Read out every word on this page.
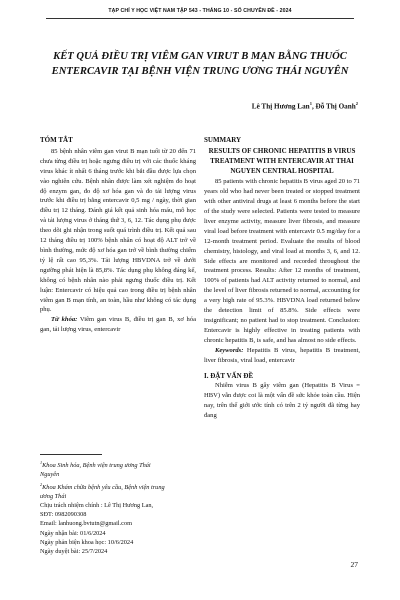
TẠP CHÍ Y HỌC VIỆT NAM TẬP 543 - THÁNG 10 - SỐ CHUYÊN ĐỀ - 2024
KẾT QUẢ ĐIỀU TRỊ VIÊM GAN VIRUT B MẠN BẰNG THUỐC ENTERCAVIR TẠI BỆNH VIỆN TRUNG ƯƠNG THÁI NGUYÊN
Lê Thị Hương Lan$^1$, Đỗ Thị Oanh$^2$
TÓM TẮT

85 bệnh nhân viêm gan virut B mạn tuổi từ 20 đến 71 chưa từng điều trị hoặc ngưng điều trị với các thuốc kháng virus khác ít nhất 6 tháng trước khi bắt đầu được lựa chọn vào nghiên cứu. Bệnh nhân được làm xét nghiệm đo hoạt độ enzym gan, đo độ xơ hóa gan và đo tải lượng virus trước khi điều trị bằng entercavir 0,5 mg / ngày, thời gian điều trị 12 tháng. Đánh giá kết quả sinh hóa máu, mô học và tải lượng virus ở tháng thứ 3, 6, 12. Tác dụng phụ được theo dõi ghi nhận trong suốt quá trình điều trị. Kết quả sau 12 tháng điều trị 100% bệnh nhân có hoạt độ ALT trở về bình thường, mức độ xơ hóa gan trở về bình thường chiếm tỷ lệ rất cao 95,3%. Tải lượng HBVDNA trở về dưới ngưỡng phát hiện là 85,8%. Tác dụng phụ không đáng kể, không có bệnh nhân nào phải ngưng thuốc điều trị. Kết luận: Entercavir có hiệu quả cao trong điều trị bệnh nhân viêm gan B mạn tính, an toàn, hầu như không có tác dụng phụ.

Từ khóa: Viêm gan virus B, điều trị gan B, xơ hóa gan, tải lượng virus, entercavir

SUMMARY
RESULTS OF CHRONIC HEPATITIS B VIRUS TREATMENT WITH ENTERCAVIR AT THAI NGUYEN CENTRAL HOSPITAL

85 patients with chronic hepatitis B virus aged 20 to 71 years old who had never been treated or stopped treatment with other antiviral drugs at least 6 months before the start of the study were selected. Patients were tested to measure liver enzyme activity, measure liver fibrosis, and measure viral load before treatment with entercavir 0.5 mg/day for a 12-month treatment period. Evaluate the results of blood chemistry, histology, and viral load at months 3, 6, and 12. Side effects are monitored and recorded throughout the treatment process. Results: After 12 months of treatment, 100% of patients had ALT activity returned to normal, and the level of liver fibrosis returned to normal, accounting for a very high rate of 95.3%. HBVDNA load returned below the detection limit of 85.8%. Side effects were insignificant; no patient had to stop treatment. Conclusion: Entercavir is highly effective in treating patients with chronic hepatitis B, is safe, and has almost no side effects.

Keywords: Hepatitis B virus, hepatitis B treatment, liver fibrosis, viral load, entercavir

I. ĐẶT VẤN ĐỀ

Nhiễm virus B gây viêm gan (Hepatitis B Virus = HBV) vẫn được coi là một vấn đề sức khỏe toàn cầu. Hiện nay, trên thế giới ước tính có trên 2 tỷ người đã từng hay đang

$^1$Khoa Sinh hóa, Bệnh viện trung ương Thái
Nguyên
$^2$Khoa Khám chữa bệnh yêu cầu, Bệnh viện trung
ương Thái
Chịu trách nhiệm chính : Lê Thị Hương Lan,
SĐT: 0982090308
Email: lanhuong.bvtutn@gmail.com
Ngày nhận bài: 01/6/2024
Ngày phản biện khoa học: 10/6/2024
Ngày duyệt bài: 25/7/2024
27
